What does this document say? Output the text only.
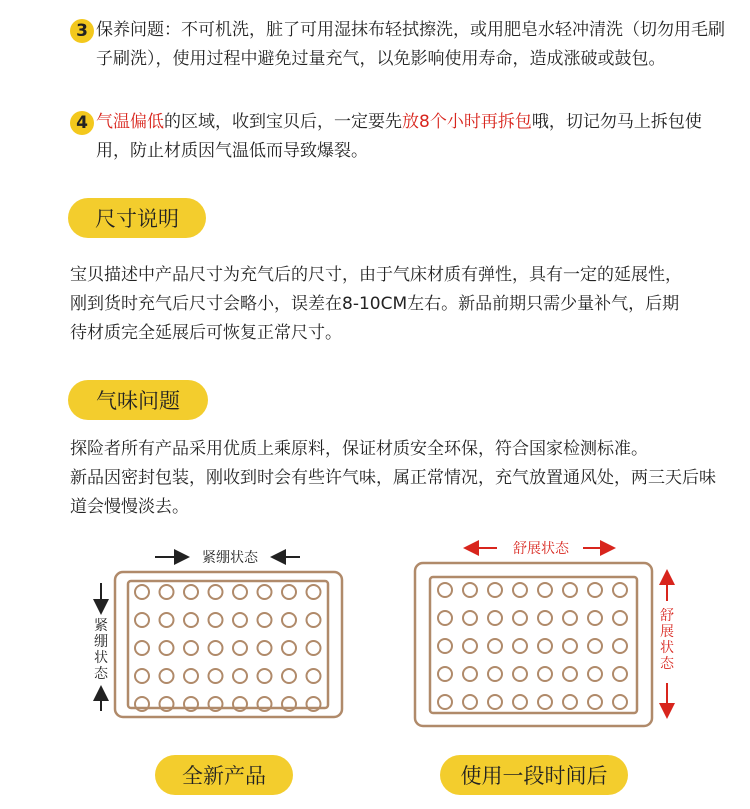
3 保养问题：不可机洗，脏了可用湿抹布轻拭擦洗，或用肥皂水轻冲清洗（切勿用毛刷子刷洗），使用过程中避免过量充气，以免影响使用寿命，造成涨破或鼓包。
4 气温偏低的区域，收到宝贝后，一定要先放8个小时再拆包哦，切记勿马上拆包使用，防止材质因气温低而导致爆裂。
尺寸说明
宝贝描述中产品尺寸为充气后的尺寸，由于气床材质有弹性，具有一定的延展性，刚到货时充气后尺寸会略小，误差在8-10CM左右。新品前期只需少量补气，后期待材质完全延展后可恢复正常尺寸。
气味问题
探险者所有产品采用优质上乘原料，保证材质安全环保，符合国家检测标准。
新品因密封包装，刚收到时会有些许气味，属正常情况，充气放置通风处，两三天后味道会慢慢淡去。
紧绷状态
紧
绷
状
态
舒展状态
舒
展
状
态
全新产品	使用一段时间后
